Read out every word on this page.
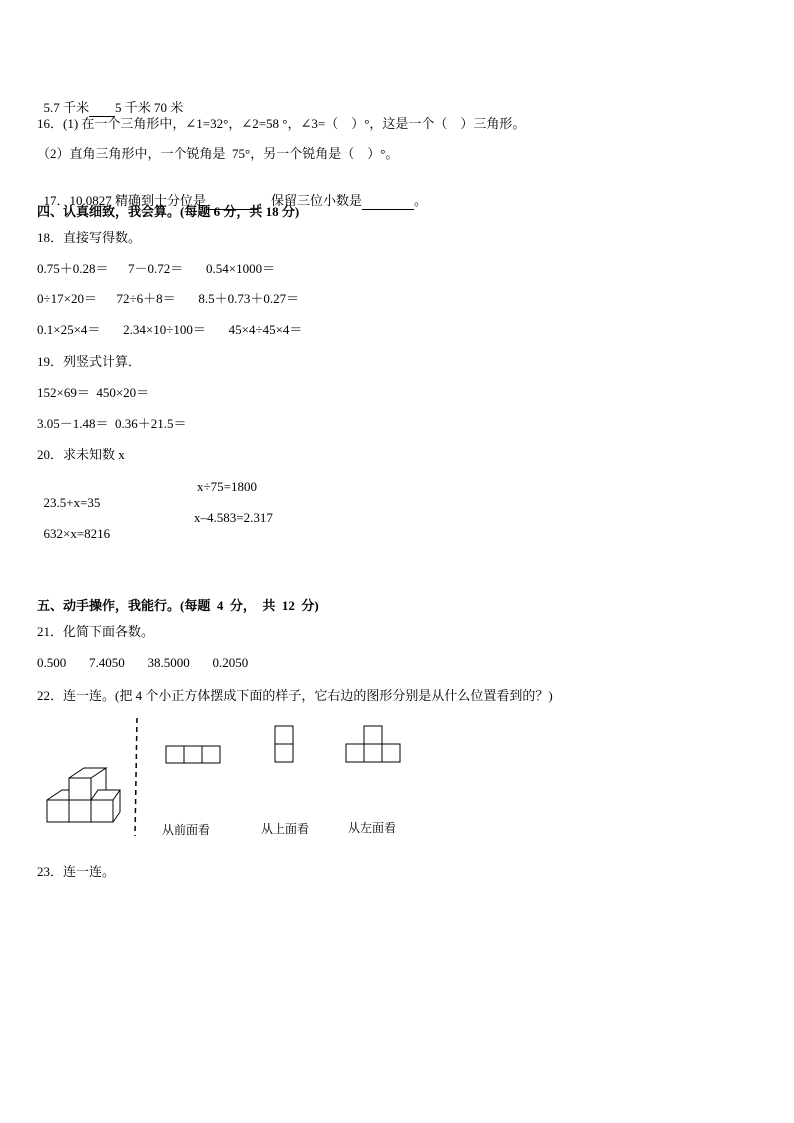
5.7 千米 5 千米 70 米

16．(1) 在一个三角形中，∠1=32°，∠2=58 °，∠3=（    ）°，这是一个（    ）三角形。
（2）直角三角形中，一个锐角是  75°，另一个锐角是（    ）°。

17．10.0827 精确到十分位是	，保留三位小数是	。

四、认真细致，我会算。(每题 6 分，共 18 分)
18．直接写得数。
0.75＋0.28＝      7－0.72＝       0.54×1000＝
0÷17×20＝      72÷6＋8＝       8.5＋0.73＋0.27＝
0.1×25×4＝       2.34×10÷100＝       45×4÷45×4＝
19．列竖式计算．
152×69＝  450×20＝
3.05－1.48＝  0.36＋21.5＝
20．求未知数 x

23.5+x=35

x÷75=1800

632×x=8216

x–4.583=2.317
五、动手操作，我能行。(每题  4  分，  共  12  分)
21．化简下面各数。
0.500       7.4050       38.5000       0.2050
22．连一连。(把 4 个小正方体摆成下面的样子，它右边的图形分别是从什么位置看到的？)
从前面看	从上面看	从左面看
23．连一连。
